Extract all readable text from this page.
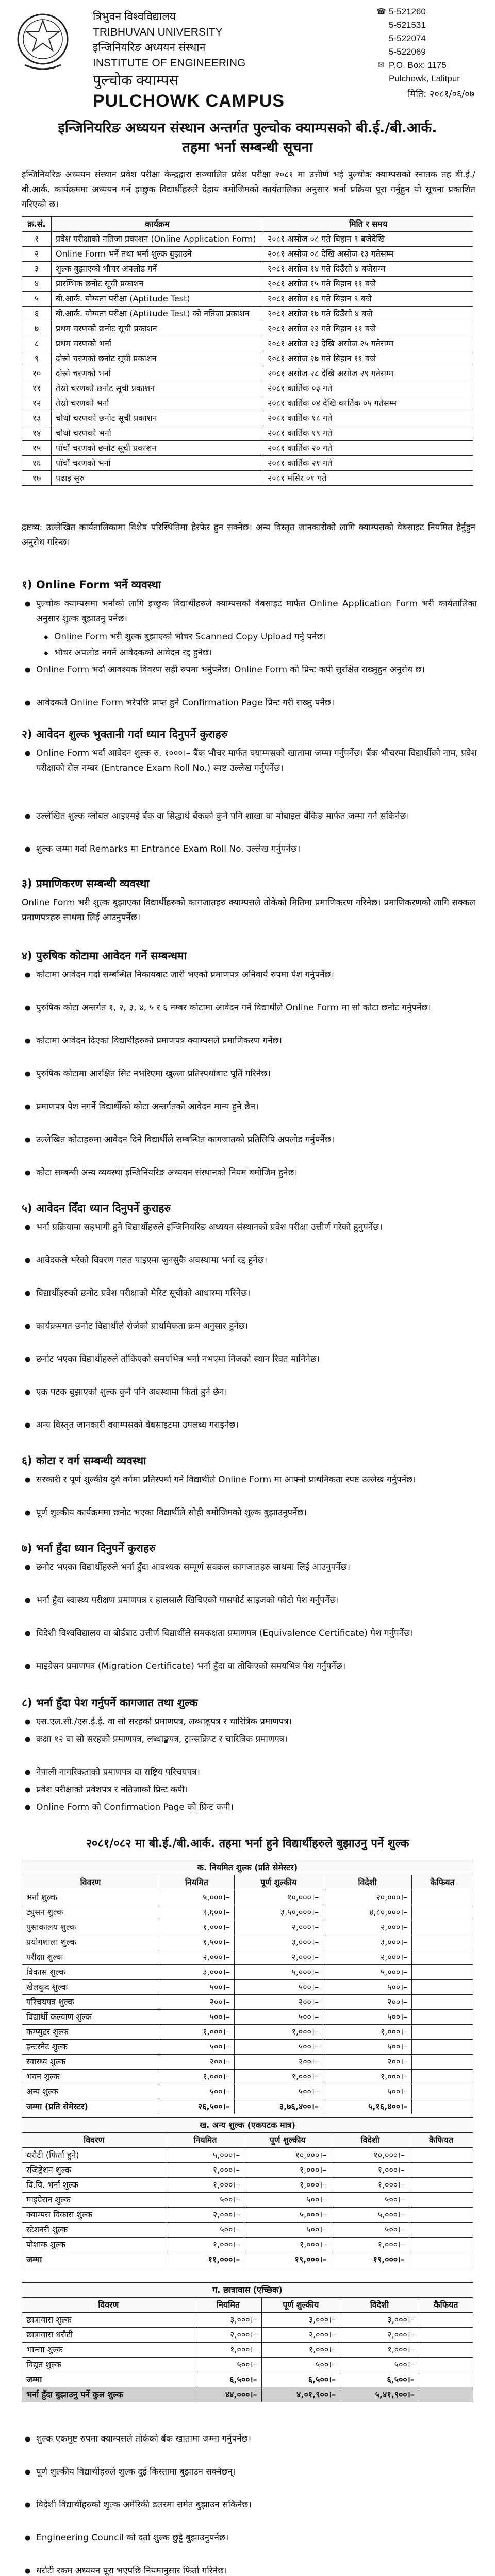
त्रिभुवन विश्वविद्यालय
TRIBHUVAN UNIVERSITY
इन्जिनियरिङ अध्ययन संस्थान
INSTITUTE OF ENGINEERING
पुल्चोक क्याम्पस
PULCHOWK CAMPUS
☎ 5-521260
5-521531
5-522074
5-522069
✉ P.O. Box: 1175
Pulchowk, Lalitpur
मिति: २०८१/०६/०७
इन्जिनियरिङ अध्ययन संस्थान अन्तर्गत पुल्चोक क्याम्पसको बी.ई./बी.आर्क.
तहमा भर्ना सम्बन्धी सूचना
इन्जिनियरिङ अध्ययन संस्थान प्रवेश परीक्षा केन्द्रद्वारा सञ्चालित प्रवेश परीक्षा २०८१ मा उत्तीर्ण भई पुल्चोक क्याम्पसको स्नातक तह बी.ई./बी.आर्क. कार्यक्रममा अध्ययन गर्न इच्छुक विद्यार्थीहरुले देहाय बमोजिमको कार्यतालिका अनुसार भर्ना प्रक्रिया पूरा गर्नुहुन यो सूचना प्रकाशित गरिएको छ।
क्र.सं.	कार्यक्रम	मिति र समय
१	प्रवेश परीक्षाको नतिजा प्रकाशन (Online Application Form)	२०८१ असोज ०८ गते बिहान ९ बजेदेखि
२	Online Form भर्ने तथा भर्ना शुल्क बुझाउने	२०८१ असोज ०८ देखि असोज १३ गतेसम्म
३	शुल्क बुझाएको भौचर अपलोड गर्ने	२०८१ असोज १४ गते दिउँसो ४ बजेसम्म
४	प्रारम्भिक छनोट सूची प्रकाशन	२०८१ असोज १५ गते बिहान ११ बजे
५	बी.आर्क. योग्यता परीक्षा (Aptitude Test)	२०८१ असोज १६ गते बिहान ९ बजे
६	बी.आर्क. योग्यता परीक्षा (Aptitude Test) को नतिजा प्रकाशन	२०८१ असोज १७ गते दिउँसो ४ बजे
७	प्रथम चरणको छनोट सूची प्रकाशन	२०८१ असोज २२ गते बिहान ११ बजे
८	प्रथम चरणको भर्ना	२०८१ असोज २३ देखि असोज २५ गतेसम्म
९	दोस्रो चरणको छनोट सूची प्रकाशन	२०८१ असोज २७ गते बिहान ११ बजे
१०	दोस्रो चरणको भर्ना	२०८१ असोज २८ देखि असोज २९ गतेसम्म
११	तेस्रो चरणको छनोट सूची प्रकाशन	२०८१ कार्तिक ०३ गते
१२	तेस्रो चरणको भर्ना	२०८१ कार्तिक ०४ देखि कार्तिक ०५ गतेसम्म
१३	चौथो चरणको छनोट सूची प्रकाशन	२०८१ कार्तिक १८ गते
१४	चौथो चरणको भर्ना	२०८१ कार्तिक १९ गते
१५	पाँचौं चरणको छनोट सूची प्रकाशन	२०८१ कार्तिक २० गते
१६	पाँचौं चरणको भर्ना	२०८१ कार्तिक २१ गते
१७	पढाइ सुरु	२०८१ मंसिर ०१ गते
द्रष्टव्य: उल्लेखित कार्यतालिकामा विशेष परिस्थितिमा हेरफेर हुन सक्नेछ। अन्य विस्तृत जानकारीको लागि क्याम्पसको वेबसाइट नियमित हेर्नुहुन अनुरोध गरिन्छ।
१) Online Form भर्ने व्यवस्था
● पुल्चोक क्याम्पसमा भर्नाको लागि इच्छुक विद्यार्थीहरुले क्याम्पसको वेबसाइट मार्फत Online Application Form भरी कार्यतालिका अनुसार शुल्क बुझाउनु पर्नेछ।
◆ Online Form भरी शुल्क बुझाएको भौचर Scanned Copy Upload गर्नु पर्नेछ।
◆ भौचर अपलोड नगर्ने आवेदकको आवेदन रद्द हुनेछ।
● Online Form भर्दा आवश्यक विवरण सही रुपमा भर्नुपर्नेछ। Online Form को प्रिन्ट कपी सुरक्षित राख्नुहुन अनुरोध छ।
● आवेदकले Online Form भरेपछि प्राप्त हुने Confirmation Page प्रिन्ट गरी राख्नु पर्नेछ।
२) आवेदन शुल्क भुक्तानी गर्दा ध्यान दिनुपर्ने कुराहरु
● Online Form भर्दा आवेदन शुल्क रु. १०००।– बैंक भौचर मार्फत क्याम्पसको खातामा जम्मा गर्नुपर्नेछ। बैंक भौचरमा विद्यार्थीको नाम, प्रवेश परीक्षाको रोल नम्बर (Entrance Exam Roll No.) स्पष्ट उल्लेख गर्नुपर्नेछ।
● उल्लेखित शुल्क ग्लोबल आइएमई बैंक वा सिद्धार्थ बैंकको कुनै पनि शाखा वा मोबाइल बैंकिङ मार्फत जम्मा गर्न सकिनेछ।
● शुल्क जम्मा गर्दा Remarks मा Entrance Exam Roll No. उल्लेख गर्नुपर्नेछ।
३) प्रमाणिकरण सम्बन्धी व्यवस्था
Online Form भरी शुल्क बुझाएका विद्यार्थीहरुको कागजातहरु क्याम्पसले तोकेको मितिमा प्रमाणिकरण गरिनेछ। प्रमाणिकरणको लागि सक्कल प्रमाणपत्रहरु साथमा लिई आउनुपर्नेछ।
४) पुरुषिक कोटामा आवेदन गर्ने सम्बन्धमा
● कोटामा आवेदन गर्दा सम्बन्धित निकायबाट जारी भएको प्रमाणपत्र अनिवार्य रुपमा पेश गर्नुपर्नेछ।
● पुरुषिक कोटा अन्तर्गत १, २, ३, ४, ५ र ६ नम्बर कोटामा आवेदन गर्ने विद्यार्थीले Online Form मा सो कोटा छनोट गर्नुपर्नेछ।
● कोटामा आवेदन दिएका विद्यार्थीहरुको प्रमाणपत्र क्याम्पसले प्रमाणिकरण गर्नेछ।
● पुरुषिक कोटामा आरक्षित सिट नभरिएमा खुल्ला प्रतिस्पर्धाबाट पूर्ति गरिनेछ।
● प्रमाणपत्र पेश नगर्ने विद्यार्थीको कोटा अन्तर्गतको आवेदन मान्य हुने छैन।
● उल्लेखित कोटाहरुमा आवेदन दिने विद्यार्थीले सम्बन्धित कागजातको प्रतिलिपि अपलोड गर्नुपर्नेछ।
● कोटा सम्बन्धी अन्य व्यवस्था इन्जिनियरिङ अध्ययन संस्थानको नियम बमोजिम हुनेछ।
५) आवेदन दिँदा ध्यान दिनुपर्ने कुराहरु
● भर्ना प्रक्रियामा सहभागी हुने विद्यार्थीहरुले इन्जिनियरिङ अध्ययन संस्थानको प्रवेश परीक्षा उत्तीर्ण गरेको हुनुपर्नेछ।
● आवेदकले भरेको विवरण गलत पाइएमा जुनसुकै अवस्थामा भर्ना रद्द हुनेछ।
● विद्यार्थीहरुको छनोट प्रवेश परीक्षाको मेरिट सूचीको आधारमा गरिनेछ।
● कार्यक्रमगत छनोट विद्यार्थीले रोजेको प्राथमिकता क्रम अनुसार हुनेछ।
● छनोट भएका विद्यार्थीहरुले तोकिएको समयभित्र भर्ना नभएमा निजको स्थान रिक्त मानिनेछ।
● एक पटक बुझाएको शुल्क कुनै पनि अवस्थामा फिर्ता हुने छैन।
● अन्य विस्तृत जानकारी क्याम्पसको वेबसाइटमा उपलब्ध गराइनेछ।
६) कोटा र वर्ग सम्बन्धी व्यवस्था
● सरकारी र पूर्ण शुल्कीय दुवै वर्गमा प्रतिस्पर्धा गर्ने विद्यार्थीले Online Form मा आफ्नो प्राथमिकता स्पष्ट उल्लेख गर्नुपर्नेछ।
● पूर्ण शुल्कीय कार्यक्रममा छनोट भएका विद्यार्थीले सोही बमोजिमको शुल्क बुझाउनुपर्नेछ।
७) भर्ना हुँदा ध्यान दिनुपर्ने कुराहरु
● छनोट भएका विद्यार्थीहरुले भर्ना हुँदा आवश्यक सम्पूर्ण सक्कल कागजातहरु साथमा लिई आउनुपर्नेछ।
● भर्ना हुँदा स्वास्थ्य परीक्षण प्रमाणपत्र र हालसालै खिचिएको पासपोर्ट साइजको फोटो पेश गर्नुपर्नेछ।
● विदेशी विश्वविद्यालय वा बोर्डबाट उत्तीर्ण विद्यार्थीले समकक्षता प्रमाणपत्र (Equivalence Certificate) पेश गर्नुपर्नेछ।
● माइग्रेसन प्रमाणपत्र (Migration Certificate) भर्ना हुँदा वा तोकिएको समयभित्र पेश गर्नुपर्नेछ।
८) भर्ना हुँदा पेश गर्नुपर्ने कागजात तथा शुल्क
● एस.एल.सी./एस.ई.ई. वा सो सरहको प्रमाणपत्र, लब्धाङ्कपत्र र चारित्रिक प्रमाणपत्र।
● कक्षा १२ वा सो सरहको प्रमाणपत्र, लब्धाङ्कपत्र, ट्रान्सक्रिप्ट र चारित्रिक प्रमाणपत्र।
● नेपाली नागरिकताको प्रमाणपत्र वा राष्ट्रिय परिचयपत्र।
● प्रवेश परीक्षाको प्रवेशपत्र र नतिजाको प्रिन्ट कपी।
● Online Form को Confirmation Page को प्रिन्ट कपी।
२०८१/०८२ मा बी.ई./बी.आर्क. तहमा भर्ना हुने विद्यार्थीहरुले बुझाउनु पर्ने शुल्क
क. नियमित शुल्क (प्रति सेमेस्टर)				
विवरण	नियमित	पूर्ण शुल्कीय	विदेशी	कैफियत
भर्ना शुल्क	५,०००।–	१०,०००।–	२०,०००।–	
ट्युसन शुल्क	९,६००।–	३,५०,०००।–	४,८०,०००।–	
पुस्तकालय शुल्क	१,०००।–	२,०००।–	२,०००।–	
प्रयोगशाला शुल्क	१,५००।–	३,०००।–	३,०००।–	
परीक्षा शुल्क	२,०००।–	२,०००।–	२,०००।–	
विकास शुल्क	३,०००।–	५,०००।–	५,०००।–	
खेलकुद शुल्क	५००।–	५००।–	५००।–	
परिचयपत्र शुल्क	२००।–	२००।–	२००।–	
विद्यार्थी कल्याण शुल्क	५००।–	५००।–	५००।–	
कम्प्युटर शुल्क	१,०००।–	१,०००।–	१,०००।–	
इन्टरनेट शुल्क	५००।–	५००।–	५००।–	
स्वास्थ्य शुल्क	२००।–	२००।–	२००।–	
भवन शुल्क	१,०००।–	१,०००।–	१,०००।–	
अन्य शुल्क	५००।–	५००।–	५००।–	
जम्मा (प्रति सेमेस्टर)	२६,५००।–	३,७६,४००।–	५,१६,४००।–	
ख. अन्य शुल्क (एकपटक मात्र)				
विवरण	नियमित	पूर्ण शुल्कीय	विदेशी	कैफियत
धरौटी (फिर्ता हुने)	५,०००।–	१०,०००।–	१०,०००।–	
रजिष्ट्रेशन शुल्क	१,०००।–	१,०००।–	१,०००।–	
वि.वि. भर्ना शुल्क	१,०००।–	१,०००।–	१,०००।–	
माइग्रेसन शुल्क	५००।–	५००।–	५००।–	
क्याम्पस विकास शुल्क	२,०००।–	५,०००।–	५,०००।–	
स्टेशनरी शुल्क	५००।–	५००।–	५००।–	
पोशाक शुल्क	१,०००।–	१,०००।–	१,०००।–	
जम्मा	११,०००।–	१९,०००।–	१९,०००।–	
ग. छात्रावास (एच्छिक)				
विवरण	नियमित	पूर्ण शुल्कीय	विदेशी	कैफियत
छात्रावास शुल्क	३,०००।–	३,०००।–	३,०००।–	
छात्रावास धरौटी	२,०००।–	२,०००।–	२,०००।–	
भान्सा शुल्क	१,०००।–	१,०००।–	१,०००।–	
विद्युत शुल्क	५००।–	५००।–	५००।–	
जम्मा	६,५००।–	६,५००।–	६,५००।–	
भर्ना हुँदा बुझाउनु पर्ने कुल शुल्क	४४,०००।–	४,०१,९००।–	५,४१,९००।–	
● शुल्क एकमुष्ट रुपमा क्याम्पसले तोकेको बैंक खातामा जम्मा गर्नुपर्नेछ।
● पूर्ण शुल्कीय विद्यार्थीहरुले शुल्क दुई किस्तामा बुझाउन सक्नेछन्।
● विदेशी विद्यार्थीहरुको शुल्क अमेरिकी डलरमा समेत बुझाउन सकिनेछ।
● Engineering Council को दर्ता शुल्क छुट्टै बुझाउनुपर्नेछ।
● धरौटी रकम अध्ययन पूरा भएपछि नियमानुसार फिर्ता गरिनेछ।
